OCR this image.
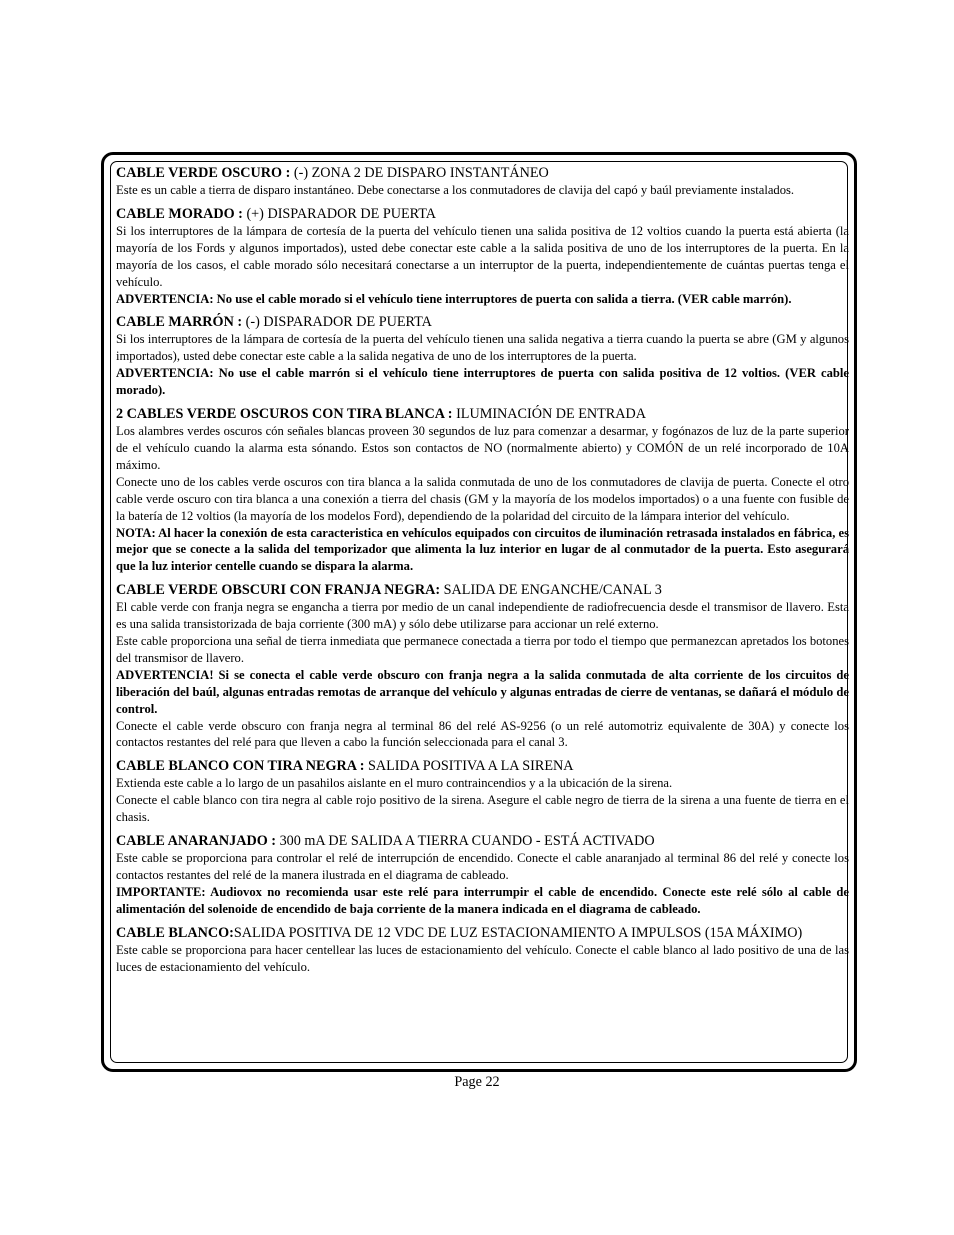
CABLE VERDE OSCURO : (-) ZONA 2 DE DISPARO INSTANTÁNEO

Este es un cable a tierra de disparo instantáneo. Debe conectarse a los conmutadores de clavija del capó y baúl previamente instalados.

CABLE MORADO : (+) DISPARADOR DE PUERTA

Si los interruptores de la lámpara de cortesía de la puerta del vehículo tienen una salida positiva de 12 voltios cuando la puerta está abierta (la mayoría de los Fords y algunos importados), usted debe conectar este cable a la salida positiva de uno de los interruptores de la puerta. En la mayoría de los casos, el cable morado sólo necesitará conectarse a un interruptor de la puerta, independientemente de cuántas puertas tenga el vehículo.

ADVERTENCIA: No use el cable morado si el vehículo tiene interruptores de puerta con salida a tierra. (VER cable marrón).

CABLE MARRÓN : (-) DISPARADOR DE PUERTA

Si los interruptores de la lámpara de cortesía de la puerta del vehículo tienen una salida negativa a tierra cuando la puerta se abre (GM y algunos importados), usted debe conectar este cable a la salida negativa de uno de los interruptores de la puerta.

ADVERTENCIA: No use el cable marrón si el vehículo tiene interruptores de puerta con salida positiva de 12 voltios. (VER cable morado).

2 CABLES VERDE OSCUROS CON TIRA BLANCA : ILUMINACIÓN DE ENTRADA

Los alambres verdes oscuros cón señales blancas proveen 30 segundos de luz para comenzar a desarmar, y fogónazos de luz de la parte superior de el vehículo cuando la alarma esta sónando. Estos son contactos de NO (normalmente abierto) y COMÓN de un relé incorporado de 10A máximo.

Conecte uno de los cables verde oscuros con tira blanca a la salida conmutada de uno de los conmutadores de clavija de puerta. Conecte el otro cable verde oscuro con tira blanca a una conexión a tierra del chasis (GM y la mayoría de los modelos importados) o a una fuente con fusible de la batería de 12 voltios (la mayoría de los modelos Ford), dependiendo de la polaridad del circuito de la lámpara interior del vehículo.

NOTA: Al hacer la conexión de esta caracteristica en vehículos equipados con circuitos de iluminación retrasada instalados en fábrica, es mejor que se conecte a la salida del temporizador que alimenta la luz interior en lugar de al conmutador de la puerta. Esto asegurará que la luz interior centelle cuando se dispara la alarma.

CABLE VERDE OBSCURI CON FRANJA NEGRA: SALIDA DE ENGANCHE/CANAL 3

El cable verde con franja negra se engancha a tierra por medio de un canal independiente de radiofrecuencia desde el transmisor de llavero. Esta es una salida transistorizada de baja corriente (300 mA) y sólo debe utilizarse para accionar un relé externo.

Este cable proporciona una señal de tierra inmediata que permanece conectada a tierra por todo el tiempo que permanezcan apretados los botones del transmisor de llavero.

ADVERTENCIA! Si se conecta el cable verde obscuro con franja negra a la salida conmutada de alta corriente de los circuitos de liberación del baúl, algunas entradas remotas de arranque del vehículo y algunas entradas de cierre de ventanas, se dañará el módulo de control.

Conecte el cable verde obscuro con franja negra al terminal 86 del relé AS-9256 (o un relé automotriz equivalente de 30A) y conecte los contactos restantes del relé para que lleven a cabo la función seleccionada para el canal 3.

CABLE BLANCO CON TIRA NEGRA : SALIDA POSITIVA A LA SIRENA

Extienda este cable a lo largo de un pasahilos aislante en el muro contraincendios y a la ubicación de la sirena.

Conecte el cable blanco con tira negra al cable rojo positivo de la sirena. Asegure el cable negro de tierra de la sirena a una fuente de tierra en el chasis.

CABLE ANARANJADO : 300 mA DE SALIDA A TIERRA CUANDO - ESTÁ ACTIVADO

Este cable se proporciona para controlar el relé de interrupción de encendido. Conecte el cable anaranjado al terminal 86 del relé y conecte los contactos restantes del relé de la manera ilustrada en el diagrama de cableado.

IMPORTANTE: Audiovox no recomienda usar este relé para interrumpir el cable de encendido. Conecte este relé sólo al cable de alimentación del solenoide de encendido de baja corriente de la manera indicada en el diagrama de cableado.

CABLE BLANCO:SALIDA POSITIVA DE 12 VDC DE LUZ ESTACIONAMIENTO A IMPULSOS (15A MÁXIMO)

Este cable se proporciona para hacer centellear las luces de estacionamiento del vehículo. Conecte el cable blanco al lado positivo de una de las luces de estacionamiento del vehículo.

Page 22
